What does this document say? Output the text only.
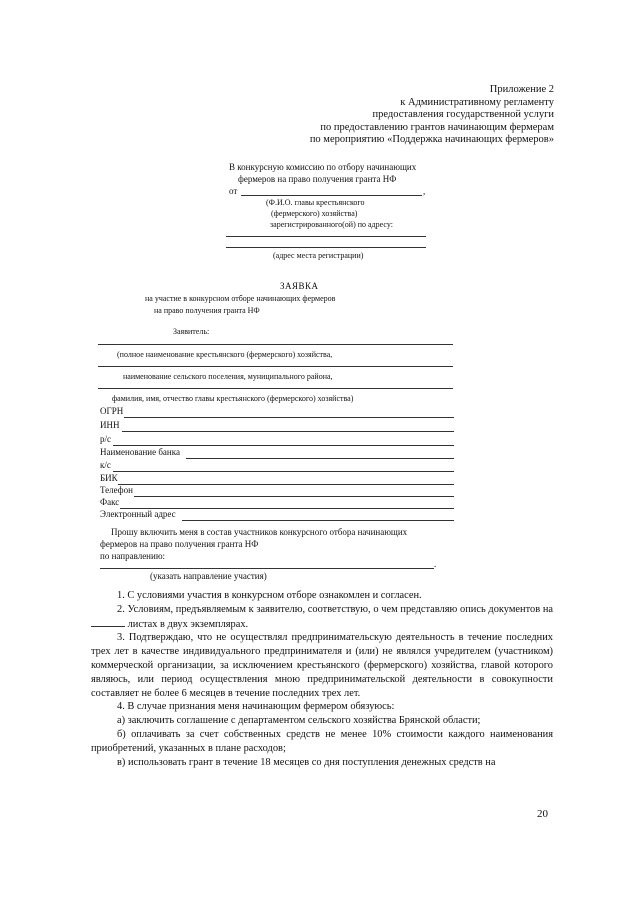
Приложение 2
к Административному регламенту
предоставления государственной услуги
по предоставлению грантов начинающим фермерам
по мероприятию «Поддержка начинающих фермеров»
В конкурсную комиссию по отбору начинающих
фермеров на право получения гранта НФ
от	,
(Ф.И.О. главы крестьянского
(фермерского) хозяйства)
зарегистрированного(ой) по адресу:
(адрес места регистрации)
ЗАЯВКА
на участие в конкурсном отборе начинающих фермеров
на право получения гранта НФ
Заявитель:
(полное наименование крестьянского (фермерского) хозяйства,
наименование сельского поселения, муниципального района,
фамилия, имя, отчество главы крестьянского (фермерского) хозяйства)
ОГРН
ИНН
р/с
Наименование банка
к/с
БИК
Телефон
Факс
Электронный адрес
Прошу включить меня в состав участников конкурсного отбора начинающих
фермеров на право получения гранта НФ
по направлению:
.
(указать направление участия)

1. С условиями участия в конкурсном отборе ознакомлен и согласен.

2. Условиям, предъявляемым к заявителю, соответствую, о чем представляю опись документов на  листах в двух экземплярах.

3. Подтверждаю, что не осуществлял предпринимательскую деятельность в течение последних трех лет в качестве индивидуального предпринимателя и (или) не являлся учредителем (участником) коммерческой организации, за исключением крестьянского (фермерского) хозяйства, главой которого являюсь, или период осуществления мною предпринимательской деятельности в совокупности составляет не более 6 месяцев в течение последних трех лет.

4. В случае признания меня начинающим фермером обязуюсь:

а) заключить соглашение с департаментом сельского хозяйства Брянской области;

б) оплачивать за счет собственных средств не менее 10% стоимости каждого наименования приобретений, указанных в плане расходов;

в) использовать грант в течение 18 месяцев со дня поступления денежных средств на

20
